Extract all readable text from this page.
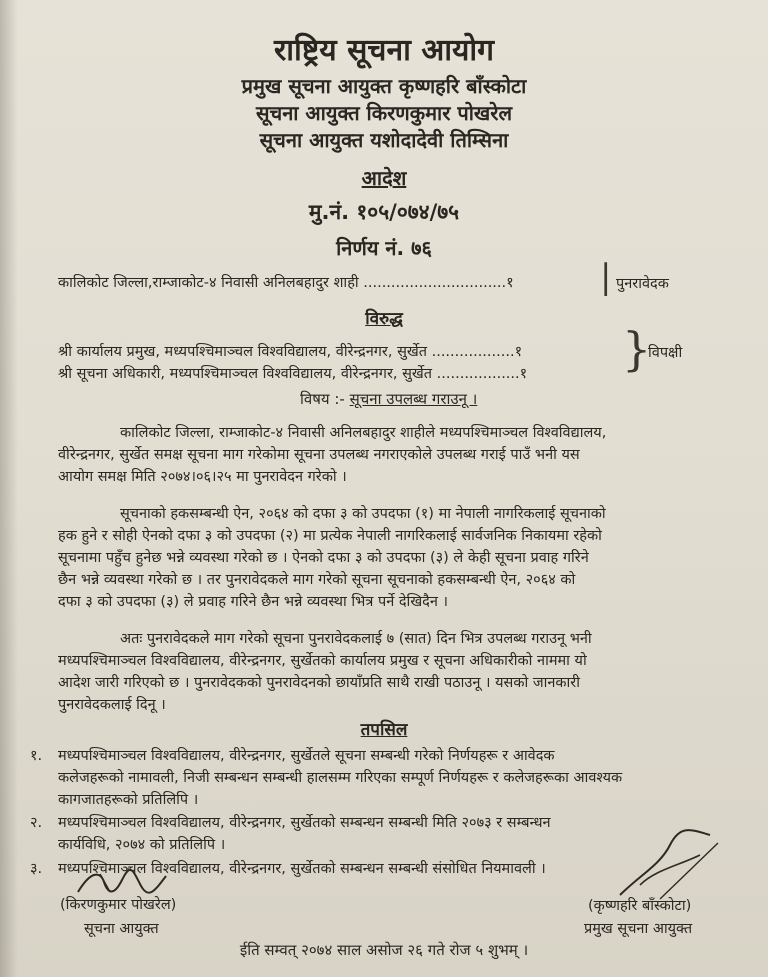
राष्ट्रिय सूचना आयोग
प्रमुख सूचना आयुक्त कृष्णहरि बाँस्कोटा
सूचना आयुक्त किरणकुमार पोखरेल
सूचना आयुक्त यशोदादेवी तिम्सिना
आदेश
मु.नं. १०५/०७४/७५
निर्णय नं. ७६
कालिकोट जिल्ला,राम्जाकोट-४ निवासी अनिलबहादुर शाही ...............................१	| पुनरावेदक
विरुद्ध
श्री कार्यालय प्रमुख, मध्यपश्चिमाञ्चल विश्वविद्यालय, वीरेन्द्रनगर, सुर्खेत ..................१
श्री सूचना अधिकारी, मध्यपश्चिमाञ्चल विश्वविद्यालय, वीरेन्द्रनगर, सुर्खेत ..................१ }
विपक्षी
विषय :- सूचना उपलब्ध गराउनू ।
कालिकोट जिल्ला, राम्जाकोट-४ निवासी अनिलबहादुर शाहीले मध्यपश्चिमाञ्चल विश्वविद्यालय,
वीरेन्द्रनगर, सुर्खेत समक्ष सूचना माग गरेकोमा सूचना उपलब्ध नगराएकोले उपलब्ध गराई पाउँ भनी यस
आयोग समक्ष मिति २०७४।०६।२५ मा पुनरावेदन गरेको ।
सूचनाको हकसम्बन्धी ऐन, २०६४ को दफा ३ को उपदफा (१) मा नेपाली नागरिकलाई सूचनाको
हक हुने र सोही ऐनको दफा ३ को उपदफा (२) मा प्रत्येक नेपाली नागरिकलाई सार्वजनिक निकायमा रहेको
सूचनामा पहुँच हुनेछ भन्ने व्यवस्था गरेको छ । ऐनको दफा ३ को उपदफा (३) ले केही सूचना प्रवाह गरिने
छैन भन्ने व्यवस्था गरेको छ । तर पुनरावेदकले माग गरेको सूचना सूचनाको हकसम्बन्धी ऐन, २०६४ को
दफा ३ को उपदफा (३) ले प्रवाह गरिने छैन भन्ने व्यवस्था भित्र पर्ने देखिदैन ।
अतः पुनरावेदकले माग गरेको सूचना पुनरावेदकलाई ७ (सात) दिन भित्र उपलब्ध गराउनू भनी
मध्यपश्चिमाञ्चल विश्वविद्यालय, वीरेन्द्रनगर, सुर्खेतको कार्यालय प्रमुख र सूचना अधिकारीको नाममा यो
आदेश जारी गरिएको छ । पुनरावेदकको पुनरावेदनको छायाँप्रति साथै राखी पठाउनू । यसको जानकारी
पुनरावेदकलाई दिनू ।
तपसिल
१. मध्यपश्चिमाञ्चल विश्वविद्यालय, वीरेन्द्रनगर, सुर्खेतले सूचना सम्बन्धी गरेको निर्णयहरू र आवेदक
कलेजहरूको नामावली, निजी सम्बन्धन सम्बन्धी हालसम्म गरिएका सम्पूर्ण निर्णयहरू र कलेजहरूका आवश्यक
कागजातहरूको प्रतिलिपि ।
२. मध्यपश्चिमाञ्चल विश्वविद्यालय, वीरेन्द्रनगर, सुर्खेतको सम्बन्धन सम्बन्धी मिति २०७३ र सम्बन्धन
कार्यविधि, २०७४ को प्रतिलिपि ।
३. मध्यपश्चिमाञ्चल विश्वविद्यालय, वीरेन्द्रनगर, सुर्खेतको सम्बन्धन सम्बन्धी संसोधित नियमावली ।
(किरणकुमार पोखरेल)
सूचना आयुक्त
(कृष्णहरि बाँस्कोटा)
प्रमुख सूचना आयुक्त
ईति सम्वत् २०७४ साल असोज २६ गते रोज ५ शुभम् ।
